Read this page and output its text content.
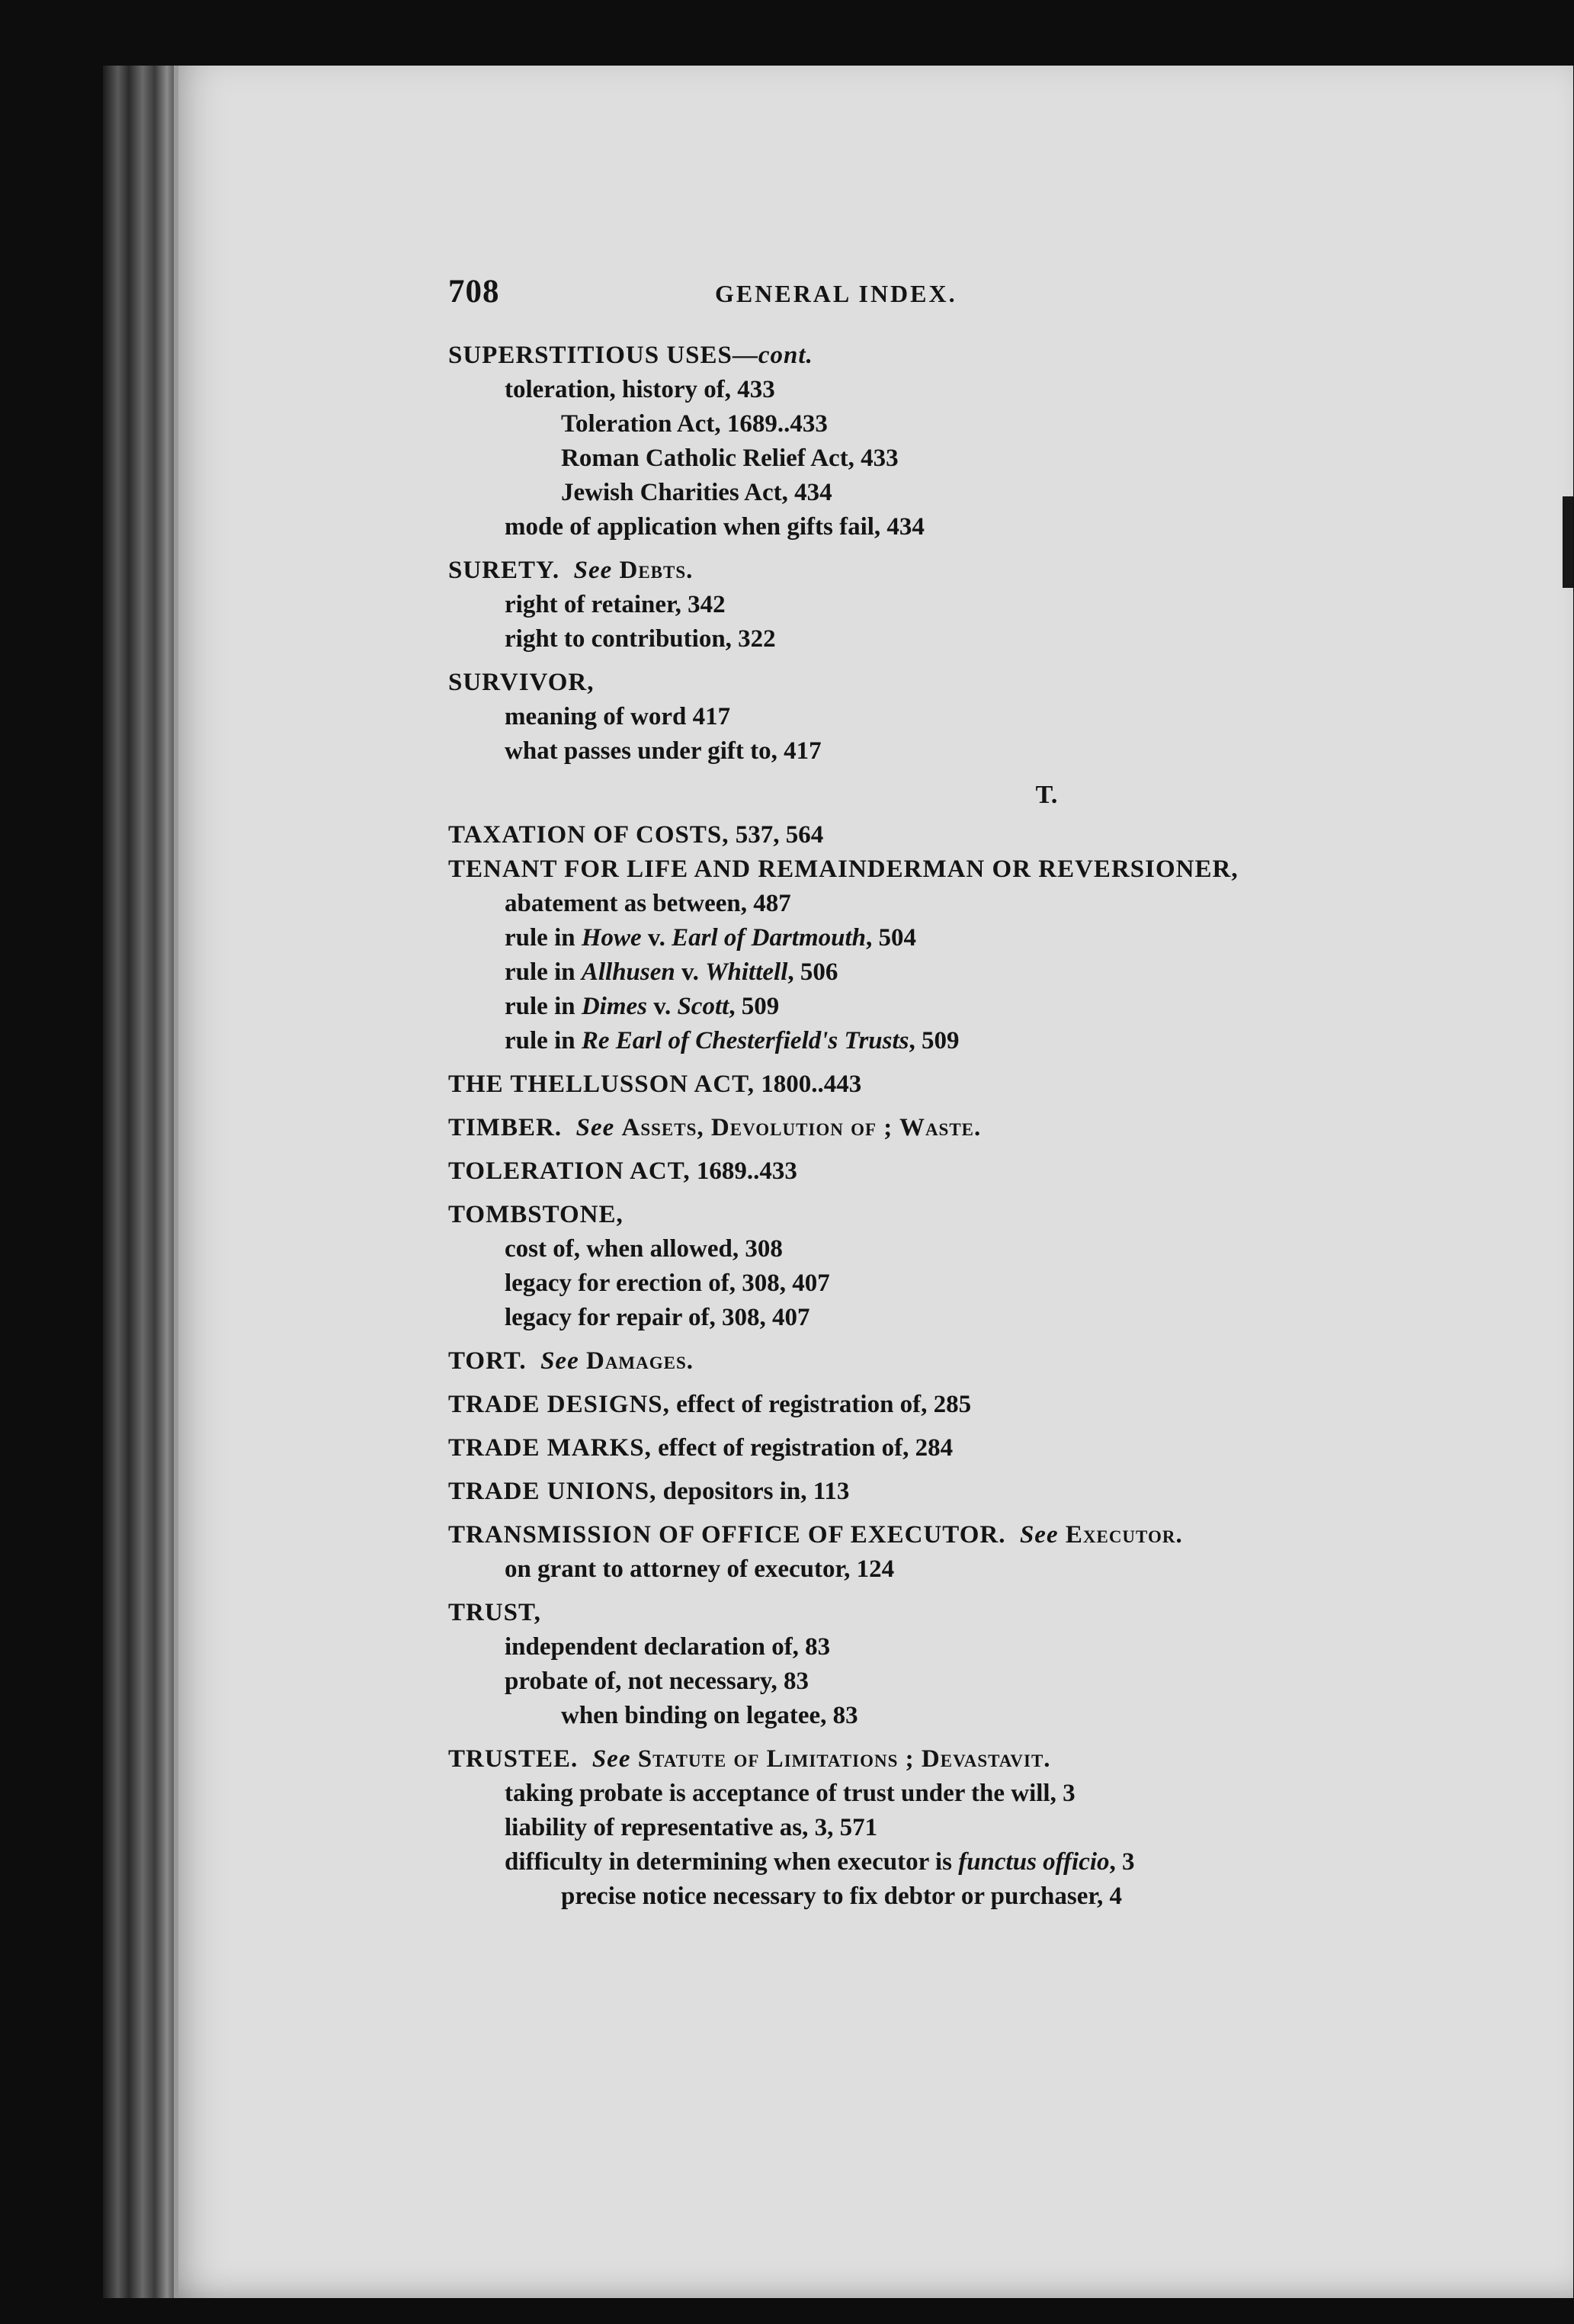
708	GENERAL INDEX.
SUPERSTITIOUS USES—cont.
toleration, history of, 433
Toleration Act, 1689..433
Roman Catholic Relief Act, 433
Jewish Charities Act, 434
mode of application when gifts fail, 434
SURETY. See Debts.
right of retainer, 342
right to contribution, 322
SURVIVOR,
meaning of word 417
what passes under gift to, 417
T.
TAXATION OF COSTS, 537, 564
TENANT FOR LIFE AND REMAINDERMAN OR REVERSIONER,
abatement as between, 487
rule in Howe v. Earl of Dartmouth, 504
rule in Allhusen v. Whittell, 506
rule in Dimes v. Scott, 509
rule in Re Earl of Chesterfield's Trusts, 509
THE THELLUSSON ACT, 1800..443
TIMBER. See Assets, Devolution of ; Waste.
TOLERATION ACT, 1689..433
TOMBSTONE,
cost of, when allowed, 308
legacy for erection of, 308, 407
legacy for repair of, 308, 407
TORT. See Damages.
TRADE DESIGNS, effect of registration of, 285
TRADE MARKS, effect of registration of, 284
TRADE UNIONS, depositors in, 113
TRANSMISSION OF OFFICE OF EXECUTOR. See Executor.
on grant to attorney of executor, 124
TRUST,
independent declaration of, 83
probate of, not necessary, 83
when binding on legatee, 83
TRUSTEE. See Statute of Limitations ; Devastavit.
taking probate is acceptance of trust under the will, 3
liability of representative as, 3, 571
difficulty in determining when executor is functus officio, 3
precise notice necessary to fix debtor or purchaser, 4
